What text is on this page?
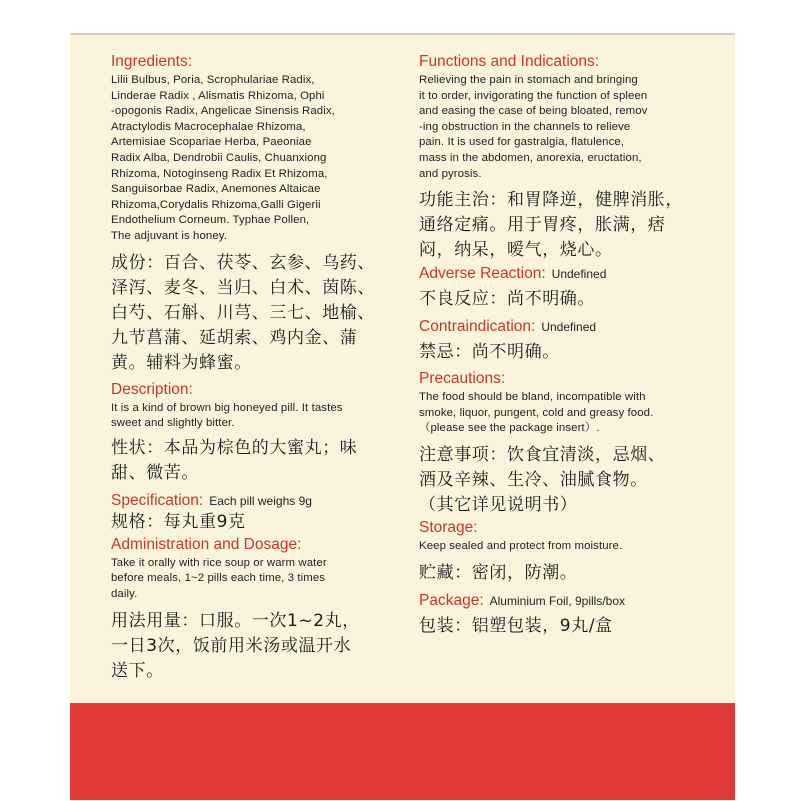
Ingredients:

Lilii Bulbus, Poria, Scrophulariae Radix,

Linderae Radix , Alismatis Rhizoma, Ophi

-opogonis Radix, Angelicae Sinensis Radix,

Atractylodis Macrocephalae Rhizoma,

Artemisiae Scopariae Herba, Paeoniae

Radix Alba, Dendrobii Caulis, Chuanxiong

Rhizoma, Notoginseng Radix Et Rhizoma,

Sanguisorbae Radix, Anemones Altaicae

Rhizoma,Corydalis Rhizoma,Galli Gigerii

Endothelium Corneum. Typhae Pollen,

The adjuvant is honey.

成份：百合、茯苓、玄参、乌药、

泽泻、麦冬、当归、白术、茵陈、

白芍、石斛、川芎、三七、地榆、

九节菖蒲、延胡索、鸡内金、蒲

黄。辅料为蜂蜜。

Description:

It is a kind of brown big honeyed pill. It tastes

sweet and slightly bitter.

性状：本品为棕色的大蜜丸；味

甜、微苦。

Specification: Each pill weighs 9g

规格：每丸重9克

Administration and Dosage:

Take it orally with rice soup or warm water

before meals, 1~2 pills each time, 3 times

daily.

用法用量：口服。一次1~2丸，

一日3次，饭前用米汤或温开水

送下。

Functions and Indications:

Relieving the pain in stomach and bringing

it to order, invigorating the function of spleen

and easing the case of being bloated, remov

-ing obstruction in the channels to relieve

pain. It is used for gastralgia, flatulence,

mass in the abdomen, anorexia, eructation,

and pyrosis.

功能主治：和胃降逆，健脾消胀，

通络定痛。用于胃疼，胀满，痞

闷，纳呆，嗳气，烧心。

Adverse Reaction: Undefined

不良反应：尚不明确。

Contraindication: Undefined

禁忌：尚不明确。

Precautions:

The food should be bland, incompatible with

smoke, liquor, pungent, cold and greasy food.

（please see the package insert）.

注意事项：饮食宜清淡，忌烟、

酒及辛辣、生冷、油腻食物。

（其它详见说明书）

Storage:

Keep sealed and protect from moisture.

贮藏：密闭，防潮。

Package: Aluminium Foil, 9pills/box

包装：铝塑包装，9丸/盒
